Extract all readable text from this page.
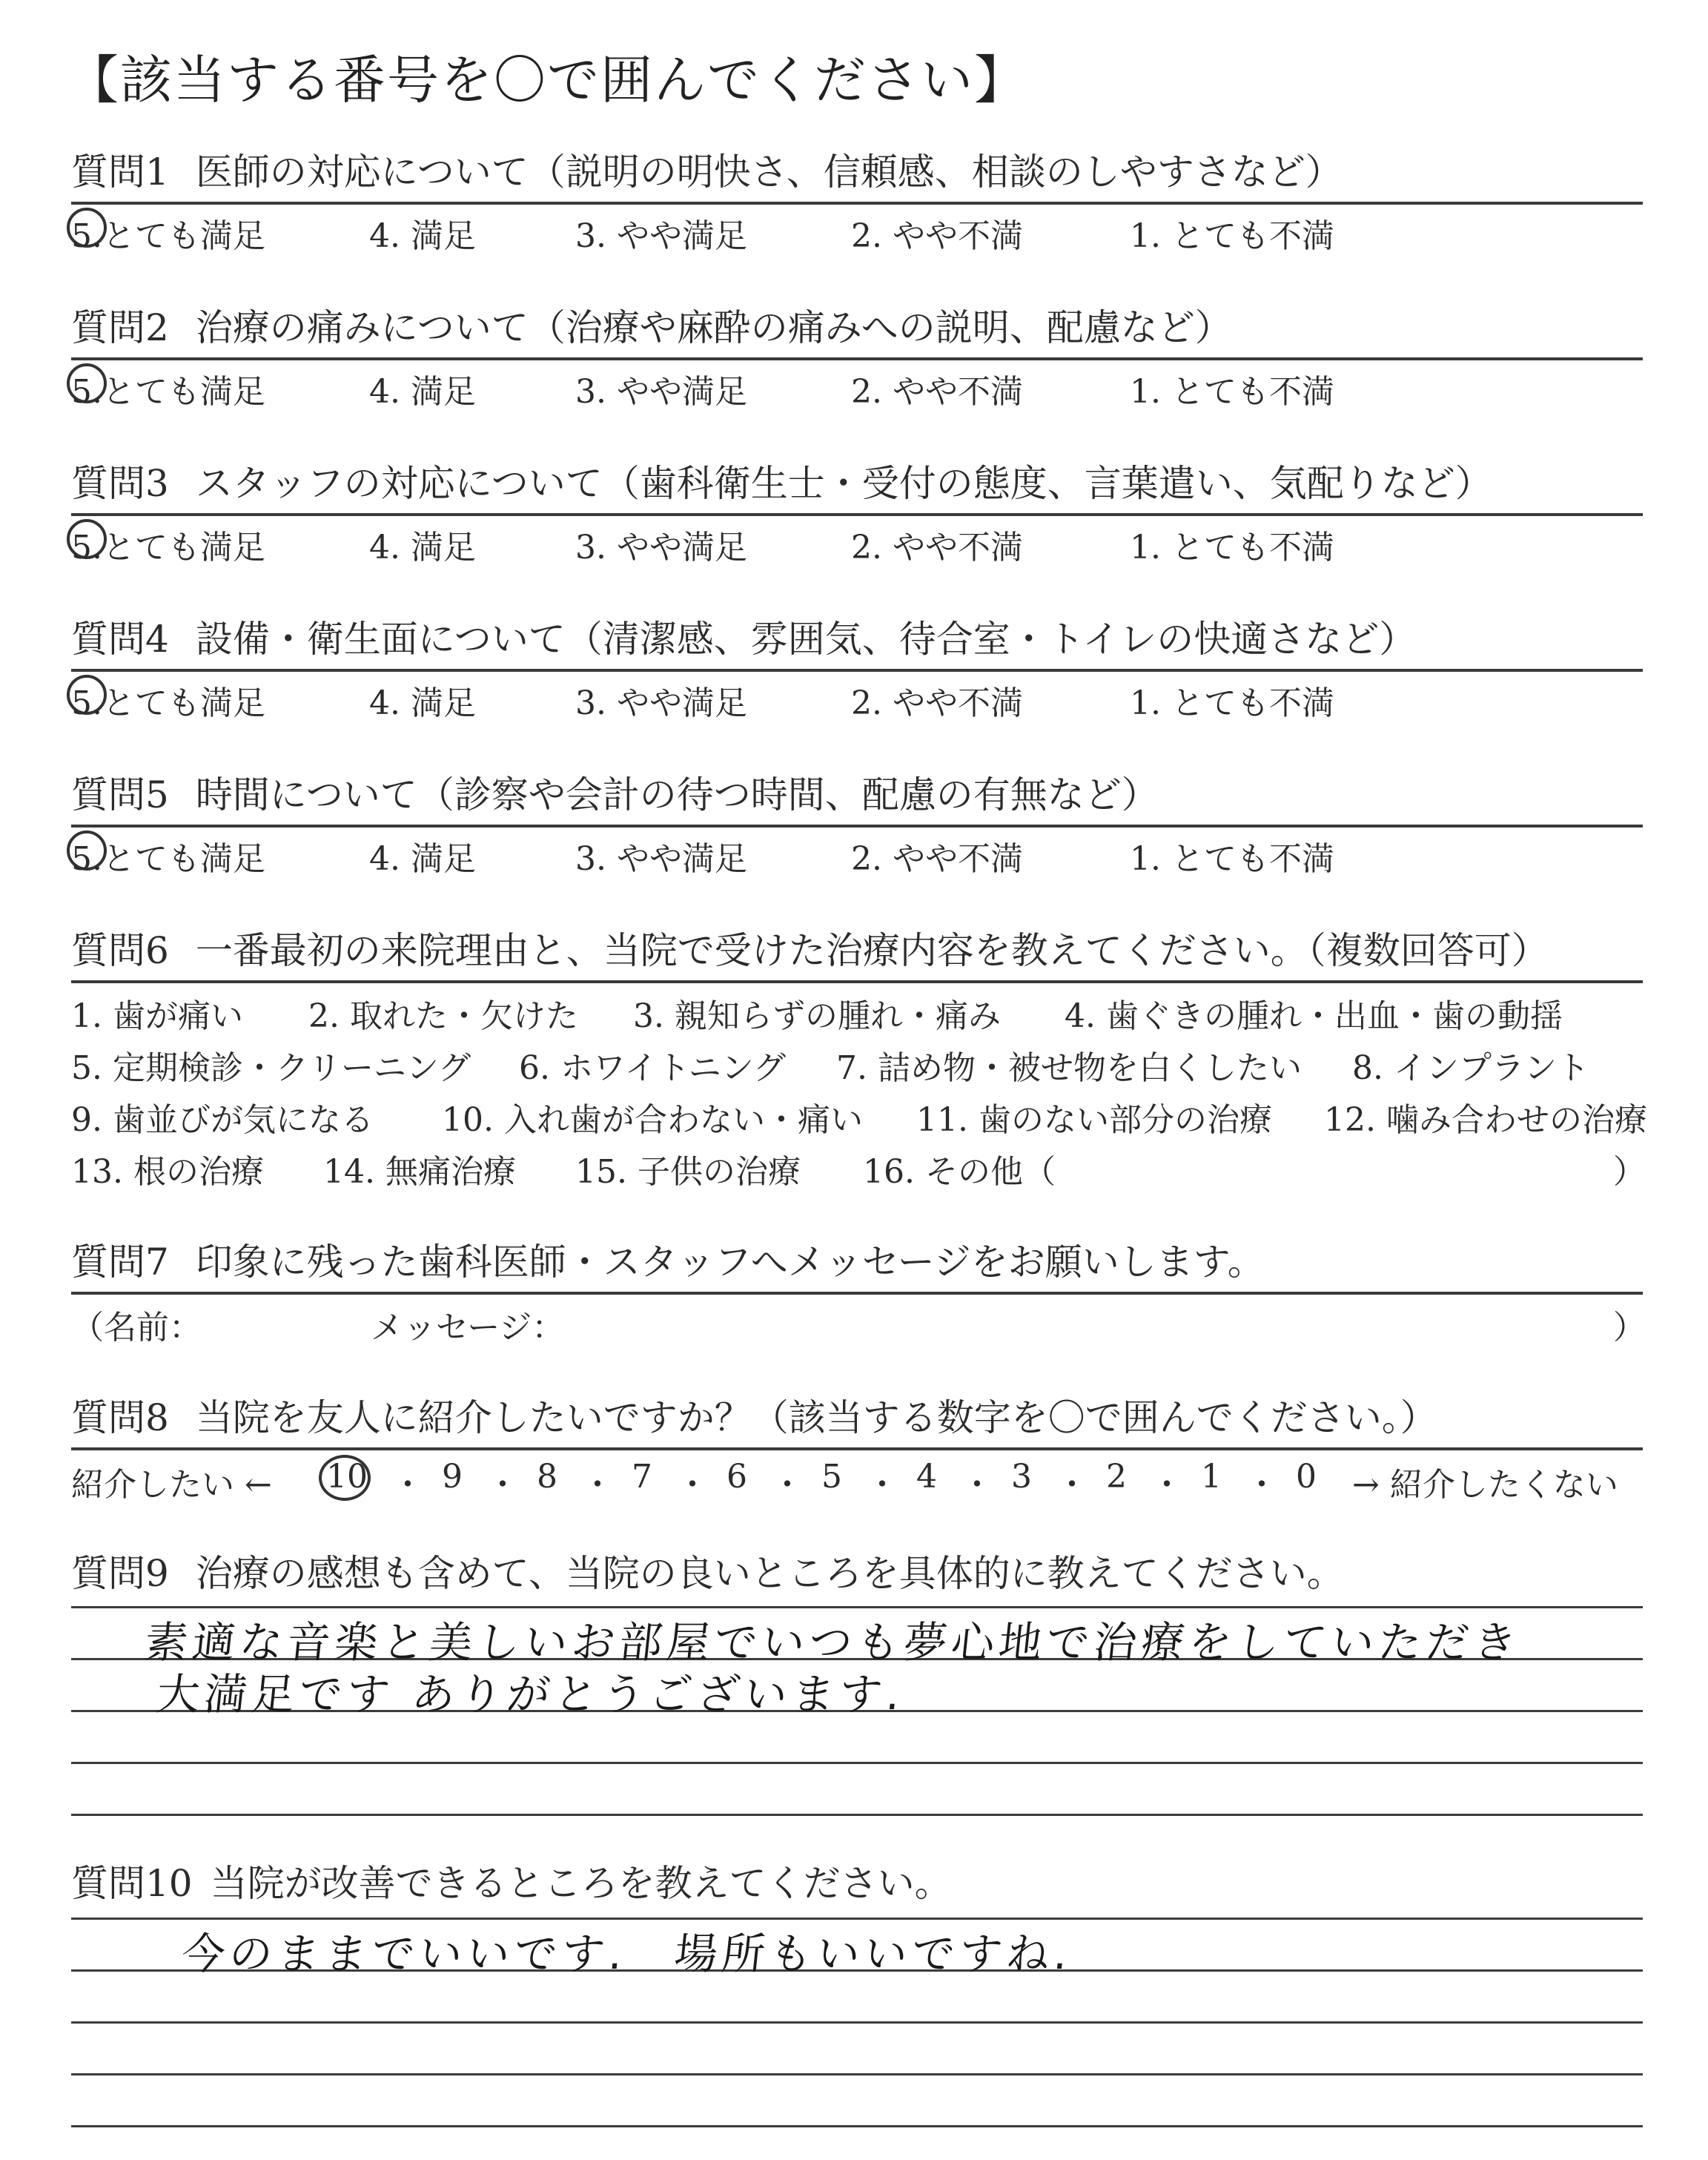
【該当する番号を〇で囲んでください】
質問1 医師の対応について（説明の明快さ、信頼感、相談のしやすさなど）
5.とても満足	4. 満足	3. やや満足	2. やや不満	1. とても不満
質問2 治療の痛みについて（治療や麻酔の痛みへの説明、配慮など）
5.とても満足	4. 満足	3. やや満足	2. やや不満	1. とても不満
質問3 スタッフの対応について（歯科衛生士・受付の態度、言葉遣い、気配りなど）
5.とても満足	4. 満足	3. やや満足	2. やや不満	1. とても不満
質問4 設備・衛生面について（清潔感、雰囲気、待合室・トイレの快適さなど）
5.とても満足	4. 満足	3. やや満足	2. やや不満	1. とても不満
質問5 時間について（診察や会計の待つ時間、配慮の有無など）
5.とても満足	4. 満足	3. やや満足	2. やや不満	1. とても不満
質問6 一番最初の来院理由と、当院で受けた治療内容を教えてください。（複数回答可）
1. 歯が痛い 2. 取れた・欠けた 3. 親知らずの腫れ・痛み 4. 歯ぐきの腫れ・出血・歯の動揺
5. 定期検診・クリーニング 6. ホワイトニング 7. 詰め物・被せ物を白くしたい 8. インプラント
9. 歯並びが気になる 10. 入れ歯が合わない・痛い 11. 歯のない部分の治療 12. 噛み合わせの治療
13. 根の治療 14. 無痛治療 15. 子供の治療 16. その他（	）
質問7 印象に残った歯科医師・スタッフへメッセージをお願いします。
（名前：	メッセージ：	）
質問8 当院を友人に紹介したいですか？（該当する数字を〇で囲んでください。）
紹介したい ← 10 ・ 9 ・ 8 ・ 7 ・ 6 ・ 5 ・ 4 ・ 3 ・ 2 ・ 1 ・ 0 → 紹介したくない
質問9 治療の感想も含めて、当院の良いところを具体的に教えてください。
素適な音楽と美しいお部屋でいつも夢心地で治療をしていただき
大満足です ありがとうございます.
質問10 当院が改善できるところを教えてください。
今のままでいいです.　場所もいいですね.
